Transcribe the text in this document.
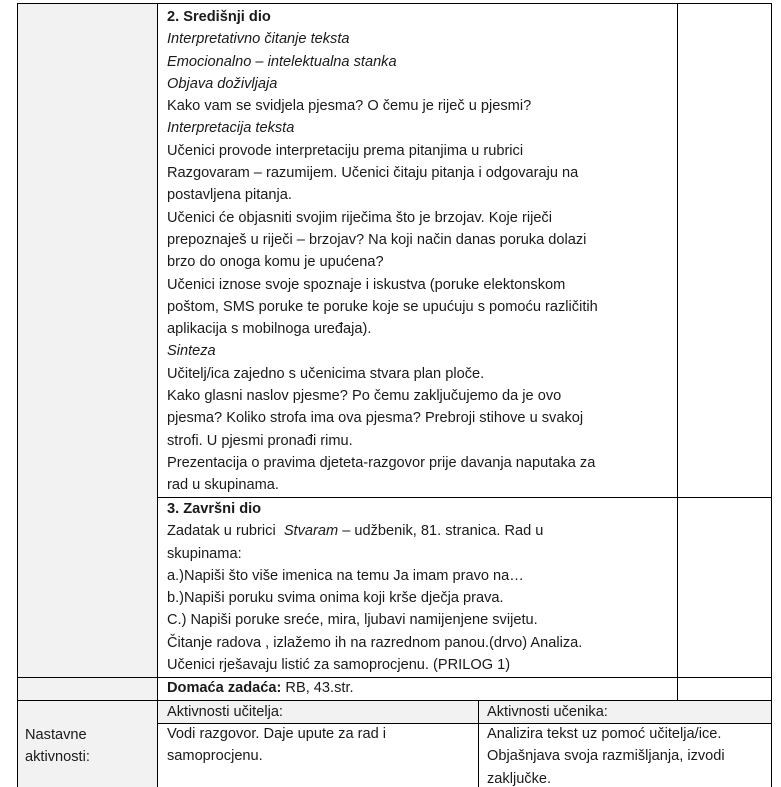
2. Središnji dio
Interpretativno čitanje teksta
Emocionalno – intelektualna stanka
Objava doživljaja
Kako vam se svidjela pjesma? O čemu je riječ u pjesmi?
Interpretacija teksta
Učenici provode interpretaciju prema pitanjima u rubrici
Razgovaram – razumijem. Učenici čitaju pitanja i odgovaraju na
postavljena pitanja.
Učenici će objasniti svojim riječima što je brzojav. Koje riječi
prepoznaješ u riječi – brzojav? Na koji način danas poruka dolazi
brzo do onoga komu je upućena?
Učenici iznose svoje spoznaje i iskustva (poruke elektonskom
poštom, SMS poruke te poruke koje se upućuju s pomoću različitih
aplikacija s mobilnoga uređaja).
Sinteza
Učitelj/ica zajedno s učenicima stvara plan ploče.
Kako glasni naslov pjesme? Po čemu zaključujemo da je ovo
pjesma? Koliko strofa ima ova pjesma? Prebroji stihove u svakoj
strofi. U pjesmi pronađi rimu.
Prezentacija o pravima djeteta-razgovor prije davanja naputaka za
rad u skupinama.
3. Završni dio
Zadatak u rubrici  Stvaram – udžbenik, 81. stranica. Rad u
skupinama:
a.)Napiši što više imenica na temu Ja imam pravo na…
b.)Napiši poruku svima onima koji krše dječja prava.
C.) Napiši poruke sreće, mira, ljubavi namijenjene svijetu.
Čitanje radova , izlažemo ih na razrednom panou.(drvo) Analiza.
Učenici rješavaju listić za samoprocjenu. (PRILOG 1)
Domaća zadaća: RB, 43.str.
Aktivnosti učitelja:	Aktivnosti učenika:
Nastavne
aktivnosti:
Vodi razgovor. Daje upute za rad i
samoprocjenu.
Analizira tekst uz pomoć učitelja/ice.
Objašnjava svoja razmišljanja, izvodi
zaključke.
